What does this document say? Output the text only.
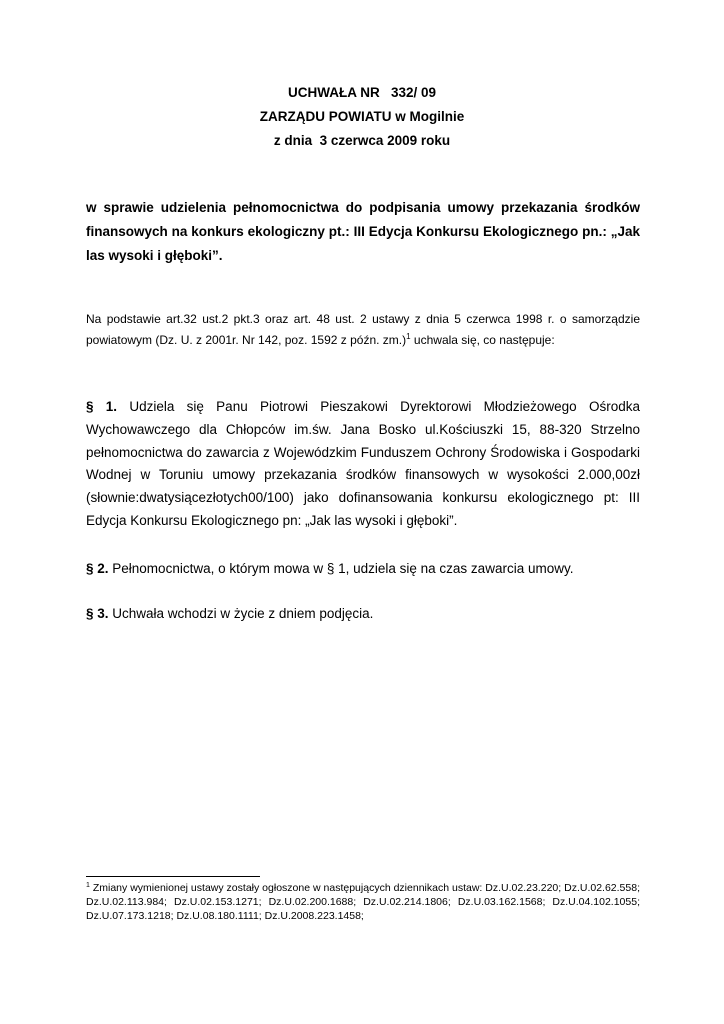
UCHWAŁA NR   332/ 09
ZARZĄDU POWIATU w Mogilnie
z dnia  3 czerwca 2009 roku
w sprawie udzielenia pełnomocnictwa do podpisania umowy przekazania środków finansowych na konkurs ekologiczny pt.: III Edycja Konkursu Ekologicznego pn.: „Jak las wysoki i głęboki”.
Na podstawie art.32 ust.2 pkt.3 oraz art. 48 ust. 2 ustawy z dnia 5 czerwca 1998 r. o samorządzie powiatowym (Dz. U. z 2001r. Nr 142, poz. 1592 z późn. zm.)$^1$ uchwala się, co następuje:
§ 1. Udziela się Panu Piotrowi Pieszakowi Dyrektorowi Młodzieżowego Ośrodka Wychowawczego dla Chłopców im.św. Jana Bosko ul.Kościuszki 15, 88-320 Strzelno pełnomocnictwa do zawarcia z Wojewódzkim Funduszem Ochrony Środowiska i Gospodarki Wodnej w Toruniu umowy przekazania środków finansowych w wysokości 2.000,00zł (słownie:dwatysiącezłotych00/100) jako dofinansowania konkursu ekologicznego pt: III Edycja Konkursu Ekologicznego pn: „Jak las wysoki i głęboki”.
§ 2. Pełnomocnictwa, o którym mowa w § 1, udziela się na czas zawarcia umowy.
§ 3. Uchwała wchodzi w życie z dniem podjęcia.
$^1$ Zmiany wymienionej ustawy zostały ogłoszone w następujących dziennikach ustaw: Dz.U.02.23.220; Dz.U.02.62.558; Dz.U.02.113.984; Dz.U.02.153.1271; Dz.U.02.200.1688; Dz.U.02.214.1806; Dz.U.03.162.1568; Dz.U.04.102.1055; Dz.U.07.173.1218; Dz.U.08.180.1111; Dz.U.2008.223.1458;
